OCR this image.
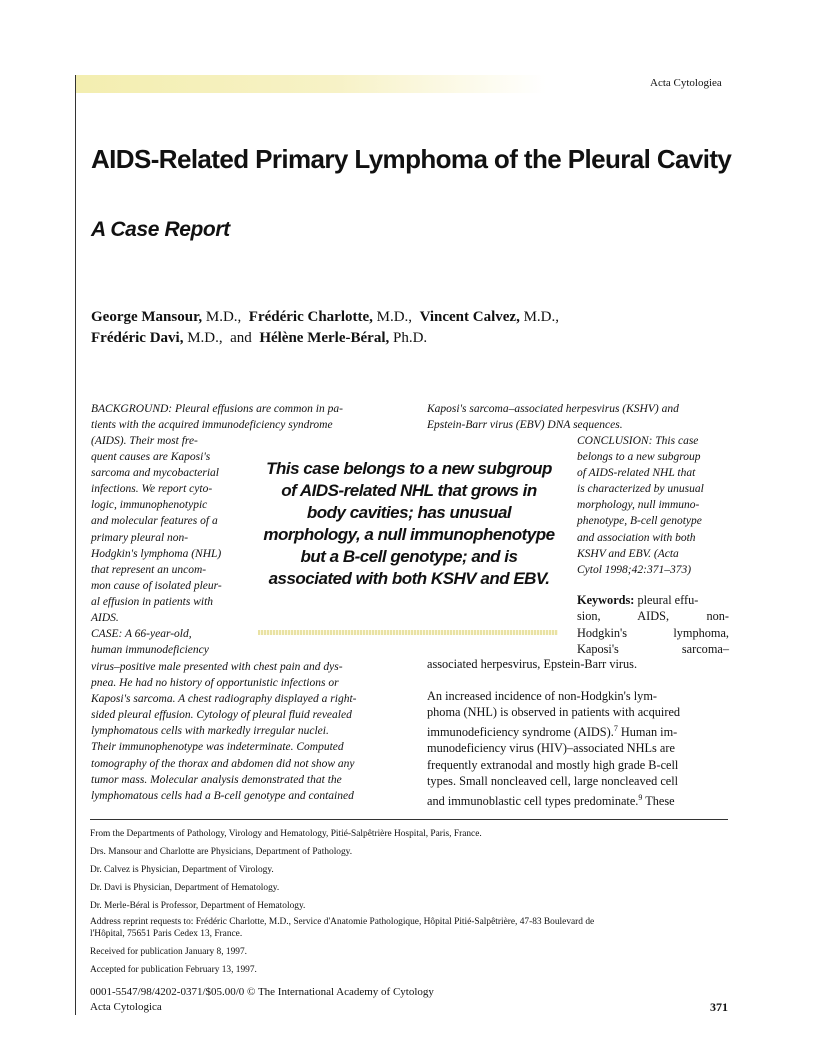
Acta Cytologiea
AIDS-Related Primary Lymphoma of the Pleural Cavity
A Case Report
George Mansour, M.D., Frédéric Charlotte, M.D., Vincent Calvez, M.D.,
Frédéric Davi, M.D., and Hélène Merle-Béral, Ph.D.
BACKGROUND: Pleural effusions are common in pa-
tients with the acquired immunodeficiency syndrome
(AIDS). Their most fre-
quent causes are Kaposi's
sarcoma and mycobacterial
infections. We report cyto-
logic, immunophenotypic
and molecular features of a
primary pleural non-
Hodgkin's lymphoma (NHL)
that represent an uncom-
mon cause of isolated pleur-
al effusion in patients with
AIDS.
CASE: A 66-year-old,
human immunodeficiency
virus–positive male presented with chest pain and dys-
pnea. He had no history of opportunistic infections or
Kaposi's sarcoma. A chest radiography displayed a right-
sided pleural effusion. Cytology of pleural fluid revealed
lymphomatous cells with markedly irregular nuclei.
Their immunophenotype was indeterminate. Computed
tomography of the thorax and abdomen did not show any
tumor mass. Molecular analysis demonstrated that the
lymphomatous cells had a B-cell genotype and contained
Kaposi's sarcoma–associated herpesvirus (KSHV) and
Epstein-Barr virus (EBV) DNA sequences.
CONCLUSION: This case
belongs to a new subgroup
of AIDS-related NHL that
is characterized by unusual
morphology, null immuno-
phenotype, B-cell genotype
and association with both
KSHV and EBV. (Acta
Cytol 1998;42:371–373)
This case belongs to a new subgroup of AIDS-related NHL that grows in body cavities; has unusual morphology, a null immunophenotype but a B-cell genotype; and is associated with both KSHV and EBV.
Keywords: pleural effu-
sion, AIDS, non-
Hodgkin's lymphoma,
Kaposi's sarcoma–
associated herpesvirus, Epstein-Barr virus.
An increased incidence of non-Hodgkin's lym-
phoma (NHL) is observed in patients with acquired
immunodeficiency syndrome (AIDS).$^7$ Human im-
munodeficiency virus (HIV)–associated NHLs are
frequently extranodal and mostly high grade B-cell
types. Small noncleaved cell, large noncleaved cell
and immunoblastic cell types predominate.$^9$ These
From the Departments of Pathology, Virology and Hematology, Pitié-Salpêtrière Hospital, Paris, France.
Drs. Mansour and Charlotte are Physicians, Department of Pathology.
Dr. Calvez is Physician, Department of Virology.
Dr. Davi is Physician, Department of Hematology.
Dr. Merle-Béral is Professor, Department of Hematology.
Address reprint requests to: Frédéric Charlotte, M.D., Service d'Anatomie Pathologique, Hôpital Pitié-Salpêtrière, 47-83 Boulevard de
l'Hôpital, 75651 Paris Cedex 13, France.
Received for publication January 8, 1997.
Accepted for publication February 13, 1997.
0001-5547/98/4202-0371/$05.00/0 © The International Academy of Cytology
Acta Cytologica	371
